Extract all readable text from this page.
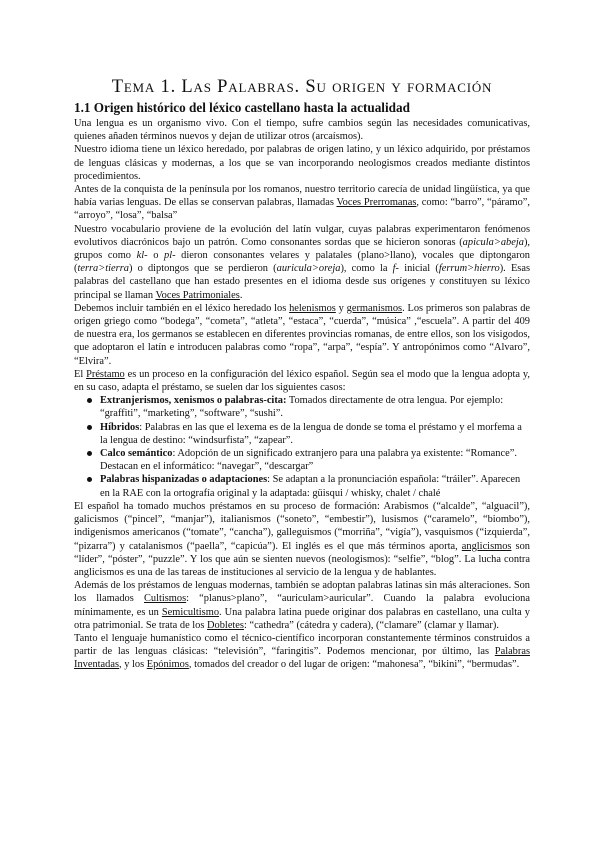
Tema 1. Las Palabras. Su origen y formación
1.1 Origen histórico del léxico castellano hasta la actualidad

Una lengua es un organismo vivo. Con el tiempo, sufre cambios según las necesidades comunicativas, quienes añaden términos nuevos y dejan de utilizar otros (arcaísmos).

Nuestro idioma tiene un léxico heredado, por palabras de origen latino, y un léxico adquirido, por préstamos de lenguas clásicas y modernas, a los que se van incorporando neologismos creados mediante distintos procedimientos.

Antes de la conquista de la península por los romanos, nuestro territorio carecía de unidad lingüística, ya que había varias lenguas. De ellas se conservan palabras, llamadas Voces Prerromanas, como: “barro”, “páramo”, “arroyo”, “losa”, “balsa”

Nuestro vocabulario proviene de la evolución del latín vulgar, cuyas palabras experimentaron fenómenos evolutivos diacrónicos bajo un patrón. Como consonantes sordas que se hicieron sonoras (apicula>abeja), grupos como kl- o pl- dieron consonantes velares y palatales (plano>llano), vocales que diptongaron (terra>tierra) o diptongos que se perdieron (auricula>oreja), como la f- inicial (ferrum>hierro). Esas palabras del castellano que han estado presentes en el idioma desde sus orígenes y constituyen su léxico principal se llaman Voces Patrimoniales.

Debemos incluir también en el léxico heredado los helenismos y germanismos. Los primeros son palabras de origen griego como “bodega”, “cometa”, “atleta”, “estaca”, “cuerda”, “música” ,“escuela”. A partir del 409 de nuestra era, los germanos se establecen en diferentes provincias romanas, de entre ellos, son los visigodos, que adoptaron el latín e introducen palabras como “ropa”, “arpa”, “espía”. Y antropónimos como “Alvaro”, “Elvira”.

El Préstamo es un proceso en la configuración del léxico español. Según sea el modo que la lengua adopta y, en su caso, adapta el préstamo, se suelen dar los siguientes casos:

Extranjerismos, xenismos o palabras-cita: Tomados directamente de otra lengua. Por ejemplo: “graffiti”, “marketing”, “software”, “sushi”.
Híbridos: Palabras en las que el lexema es de la lengua de donde se toma el préstamo y el morfema a la lengua de destino: “windsurfista”, “zapear”.
Calco semántico: Adopción de un significado extranjero para una palabra ya existente: “Romance”. Destacan en el informático: “navegar”, “descargar”
Palabras hispanizadas o adaptaciones: Se adaptan a la pronunciación española: “tráiler”. Aparecen en la RAE con la ortografía original y la adaptada: güisqui / whisky, chalet / chalé

El español ha tomado muchos préstamos en su proceso de formación: Arabismos (“alcalde”, “alguacil”), galicismos (“pincel”, “manjar”), italianismos (“soneto”, “embestir”), lusismos (“caramelo”, “biombo”), indigenismos americanos (“tomate”, “cancha”), galleguismos (“morriña”, “vigía”), vasquismos (“izquierda”, “pizarra”) y catalanismos (“paella”, “capicúa”). El inglés es el que más términos aporta, anglicismos son “líder”, “póster”, “puzzle”. Y los que aún se sienten nuevos (neologismos): “selfie”, “blog”. La lucha contra anglicismos es una de las tareas de instituciones al servicio de la lengua y de hablantes.

Además de los préstamos de lenguas modernas, también se adoptan palabras latinas sin más alteraciones. Son los llamados Cultismos: “planus>plano”, “auriculam>auricular”. Cuando la palabra evoluciona mínimamente, es un Semicultismo. Una palabra latina puede originar dos palabras en castellano, una culta y otra patrimonial. Se trata de los Dobletes: “cathedra” (cátedra y cadera), (“clamare” (clamar y llamar).

Tanto el lenguaje humanístico como el técnico-científico incorporan constantemente términos construidos a partir de las lenguas clásicas: “televisión”, “faringitis”. Podemos mencionar, por último, las Palabras Inventadas, y los Epónimos, tomados del creador o del lugar de origen: “mahonesa”, “bikini”, “bermudas”.
